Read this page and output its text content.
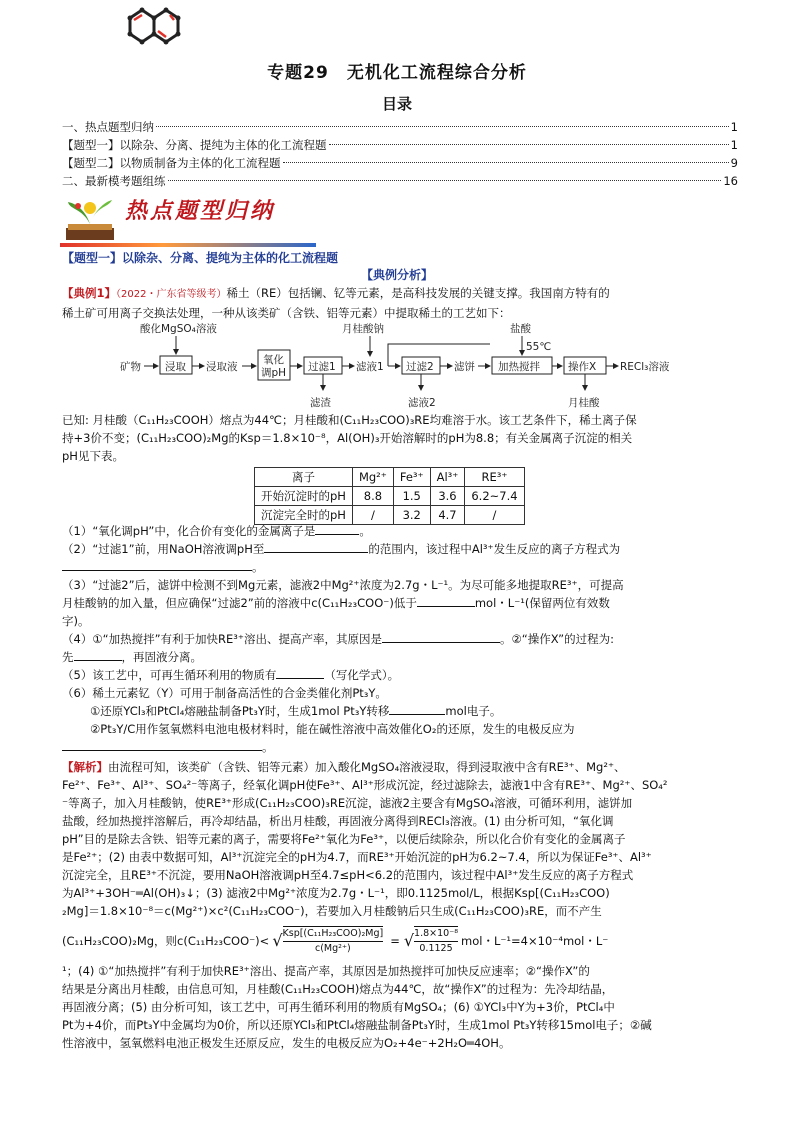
专题29　无机化工流程综合分析
目录
一、热点题型归纳	1
【题型一】以除杂、分离、提纯为主体的化工流程题	1
【题型二】以物质制备为主体的化工流程题	9
二、最新模考题组练	16
热点题型归纳
【题型一】以除杂、分离、提纯为主体的化工流程题
【典例分析】
【典例1】（2022・广东省等级考）稀土（RE）包括镧、钇等元素，是高科技发展的关键支撑。我国南方特有的
稀土矿可用离子交换法处理，一种从该类矿（含铁、铝等元素）中提取稀土的工艺如下：
矿物 浸取
酸化MgSO₄溶液
浸取液
氧化
调pH 过滤1
滤渣
滤液1
月桂酸钠
过滤2
滤液2
滤饼 加热搅拌
盐酸
55℃
操作X
月桂酸
RECl₃溶液
已知: 月桂酸（C₁₁H₂₃COOH）熔点为44℃；月桂酸和(C₁₁H₂₃COO)₃RE均难溶于水。该工艺条件下，稀土离子保
持+3价不变；(C₁₁H₂₃COO)₂Mg的Ksp＝1.8×10⁻⁸，Al(OH)₃开始溶解时的pH为8.8；有关金属离子沉淀的相关
pH见下表。
离子	Mg²⁺	Fe³⁺	Al³⁺	RE³⁺
开始沉淀时的pH	8.8	1.5	3.6	6.2~7.4
沉淀完全时的pH	/	3.2	4.7	/
（1）“氧化调pH”中，化合价有变化的金属离子是	。
（2）“过滤1”前，用NaOH溶液调pH至	的范围内，该过程中Al³⁺发生反应的离子方程式为
。
（3）“过滤2”后，滤饼中检测不到Mg元素，滤液2中Mg²⁺浓度为2.7g・L⁻¹。为尽可能多地提取RE³⁺，可提高
月桂酸钠的加入量，但应确保“过滤2”前的溶液中c(C₁₁H₂₃COO⁻)低于	mol・L⁻¹(保留两位有效数
字)。
（4）①“加热搅拌”有利于加快RE³⁺溶出、提高产率，其原因是	。②“操作X”的过程为:
先	，再固液分离。
（5）该工艺中，可再生循环利用的物质有	（写化学式）。
（6）稀土元素钇（Y）可用于制备高活性的合金类催化剂Pt₃Y。
①还原YCl₃和PtCl₄熔融盐制备Pt₃Y时，生成1mol Pt₃Y转移	mol电子。
②Pt₃Y/C用作氢氧燃料电池电极材料时，能在碱性溶液中高效催化O₂的还原，发生的电极反应为
。
【解析】由流程可知，该类矿（含铁、铝等元素）加入酸化MgSO₄溶液浸取，得到浸取液中含有RE³⁺、Mg²⁺、
Fe²⁺、Fe³⁺、Al³⁺、SO₄²⁻等离子，经氧化调pH使Fe³⁺、Al³⁺形成沉淀，经过滤除去，滤液1中含有RE³⁺、Mg²⁺、SO₄²
⁻等离子，加入月桂酸钠，使RE³⁺形成(C₁₁H₂₃COO)₃RE沉淀，滤液2主要含有MgSO₄溶液，可循环利用，滤饼加
盐酸，经加热搅拌溶解后，再冷却结晶，析出月桂酸，再固液分离得到RECl₃溶液。(1) 由分析可知，“氧化调
pH”目的是除去含铁、铝等元素的离子，需要将Fe²⁺氧化为Fe³⁺，以便后续除杂，所以化合价有变化的金属离子
是Fe²⁺；(2) 由表中数据可知，Al³⁺沉淀完全的pH为4.7，而RE³⁺开始沉淀的pH为6.2~7.4，所以为保证Fe³⁺、Al³⁺
沉淀完全，且RE³⁺不沉淀，要用NaOH溶液调pH至4.7≤pH<6.2的范围内，该过程中Al³⁺发生反应的离子方程式
为Al³⁺+3OH⁻═Al(OH)₃↓；(3) 滤液2中Mg²⁺浓度为2.7g・L⁻¹，即0.1125mol/L，根据Ksp[(C₁₁H₂₃COO)
₂Mg]＝1.8×10⁻⁸＝c(Mg²⁺)×c²(C₁₁H₂₃COO⁻)，若要加入月桂酸钠后只生成(C₁₁H₂₃COO)₃RE，而不产生
(C₁₁H₂₃COO)₂Mg，则c(C₁₁H₂₃COO⁻)< √ Ksp[(C₁₁H₂₃COO)₂Mg]
c(Mg²⁺)
= √ 1.8×10⁻⁸
0.1125
mol・L⁻¹=4×10⁻⁴mol・L⁻
¹；(4) ①“加热搅拌”有利于加快RE³⁺溶出、提高产率，其原因是加热搅拌可加快反应速率；②“操作X”的
结果是分离出月桂酸，由信息可知，月桂酸(C₁₁H₂₃COOH)熔点为44℃，故“操作X”的过程为：先冷却结晶，
再固液分离；(5) 由分析可知，该工艺中，可再生循环利用的物质有MgSO₄；(6) ①YCl₃中Y为+3价，PtCl₄中
Pt为+4价，而Pt₃Y中金属均为0价，所以还原YCl₃和PtCl₄熔融盐制备Pt₃Y时，生成1mol Pt₃Y转移15mol电子；②碱
性溶液中，氢氧燃料电池正极发生还原反应，发生的电极反应为O₂+4e⁻+2H₂O═4OH。
